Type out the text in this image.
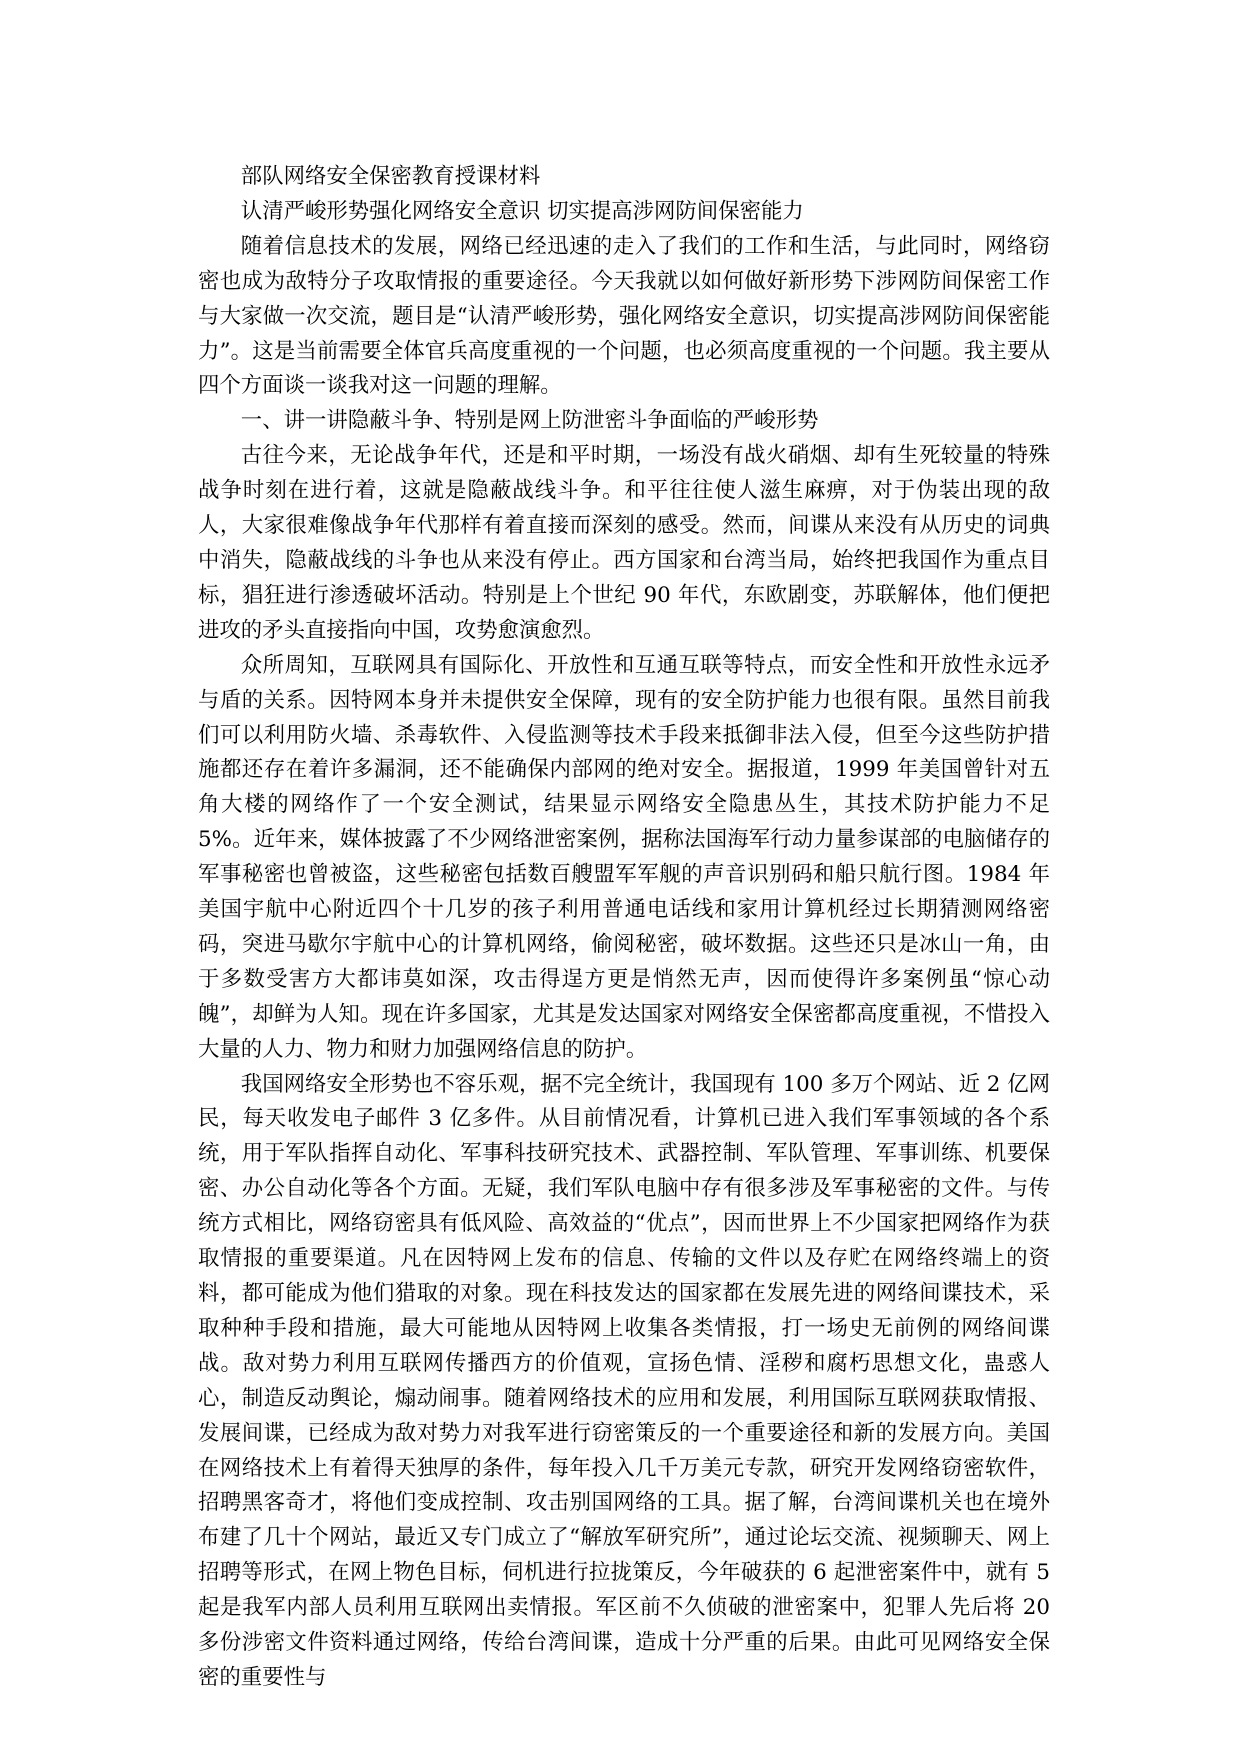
部队网络安全保密教育授课材料

认清严峻形势强化网络安全意识 切实提高涉网防间保密能力

随着信息技术的发展，网络已经迅速的走入了我们的工作和生活，与此同时，网络窃密也成为敌特分子攻取情报的重要途径。今天我就以如何做好新形势下涉网防间保密工作与大家做一次交流，题目是“认清严峻形势，强化网络安全意识，切实提高涉网防间保密能力”。这是当前需要全体官兵高度重视的一个问题，也必须高度重视的一个问题。我主要从四个方面谈一谈我对这一问题的理解。

一、讲一讲隐蔽斗争、特别是网上防泄密斗争面临的严峻形势

古往今来，无论战争年代，还是和平时期，一场没有战火硝烟、却有生死较量的特殊战争时刻在进行着，这就是隐蔽战线斗争。和平往往使人滋生麻痹，对于伪装出现的敌人，大家很难像战争年代那样有着直接而深刻的感受。然而，间谍从来没有从历史的词典中消失，隐蔽战线的斗争也从来没有停止。西方国家和台湾当局，始终把我国作为重点目标，猖狂进行渗透破坏活动。特别是上个世纪 90 年代，东欧剧变，苏联解体，他们便把进攻的矛头直接指向中国，攻势愈演愈烈。

众所周知，互联网具有国际化、开放性和互通互联等特点，而安全性和开放性永远矛与盾的关系。因特网本身并未提供安全保障，现有的安全防护能力也很有限。虽然目前我们可以利用防火墙、杀毒软件、入侵监测等技术手段来抵御非法入侵，但至今这些防护措施都还存在着许多漏洞，还不能确保内部网的绝对安全。据报道，1999 年美国曾针对五角大楼的网络作了一个安全测试，结果显示网络安全隐患丛生，其技术防护能力不足 5%。近年来，媒体披露了不少网络泄密案例，据称法国海军行动力量参谋部的电脑储存的军事秘密也曾被盗，这些秘密包括数百艘盟军军舰的声音识别码和船只航行图。1984 年美国宇航中心附近四个十几岁的孩子利用普通电话线和家用计算机经过长期猜测网络密码，突进马歇尔宇航中心的计算机网络，偷阅秘密，破坏数据。这些还只是冰山一角，由于多数受害方大都讳莫如深，攻击得逞方更是悄然无声，因而使得许多案例虽“惊心动魄”，却鲜为人知。现在许多国家，尤其是发达国家对网络安全保密都高度重视，不惜投入大量的人力、物力和财力加强网络信息的防护。

我国网络安全形势也不容乐观，据不完全统计，我国现有 100 多万个网站、近 2 亿网民，每天收发电子邮件 3 亿多件。从目前情况看，计算机已进入我们军事领域的各个系统，用于军队指挥自动化、军事科技研究技术、武器控制、军队管理、军事训练、机要保密、办公自动化等各个方面。无疑，我们军队电脑中存有很多涉及军事秘密的文件。与传统方式相比，网络窃密具有低风险、高效益的“优点”，因而世界上不少国家把网络作为获取情报的重要渠道。凡在因特网上发布的信息、传输的文件以及存贮在网络终端上的资料，都可能成为他们猎取的对象。现在科技发达的国家都在发展先进的网络间谍技术，采取种种手段和措施，最大可能地从因特网上收集各类情报，打一场史无前例的网络间谍战。敌对势力利用互联网传播西方的价值观，宣扬色情、淫秽和腐朽思想文化，蛊惑人心，制造反动舆论，煽动闹事。随着网络技术的应用和发展，利用国际互联网获取情报、发展间谍，已经成为敌对势力对我军进行窃密策反的一个重要途径和新的发展方向。美国在网络技术上有着得天独厚的条件，每年投入几千万美元专款，研究开发网络窃密软件，招聘黑客奇才，将他们变成控制、攻击别国网络的工具。据了解，台湾间谍机关也在境外布建了几十个网站，最近又专门成立了“解放军研究所”，通过论坛交流、视频聊天、网上招聘等形式，在网上物色目标，伺机进行拉拢策反，今年破获的 6 起泄密案件中，就有 5 起是我军内部人员利用互联网出卖情报。军区前不久侦破的泄密案中，犯罪人先后将 20 多份涉密文件资料通过网络，传给台湾间谍，造成十分严重的后果。由此可见网络安全保密的重要性与
